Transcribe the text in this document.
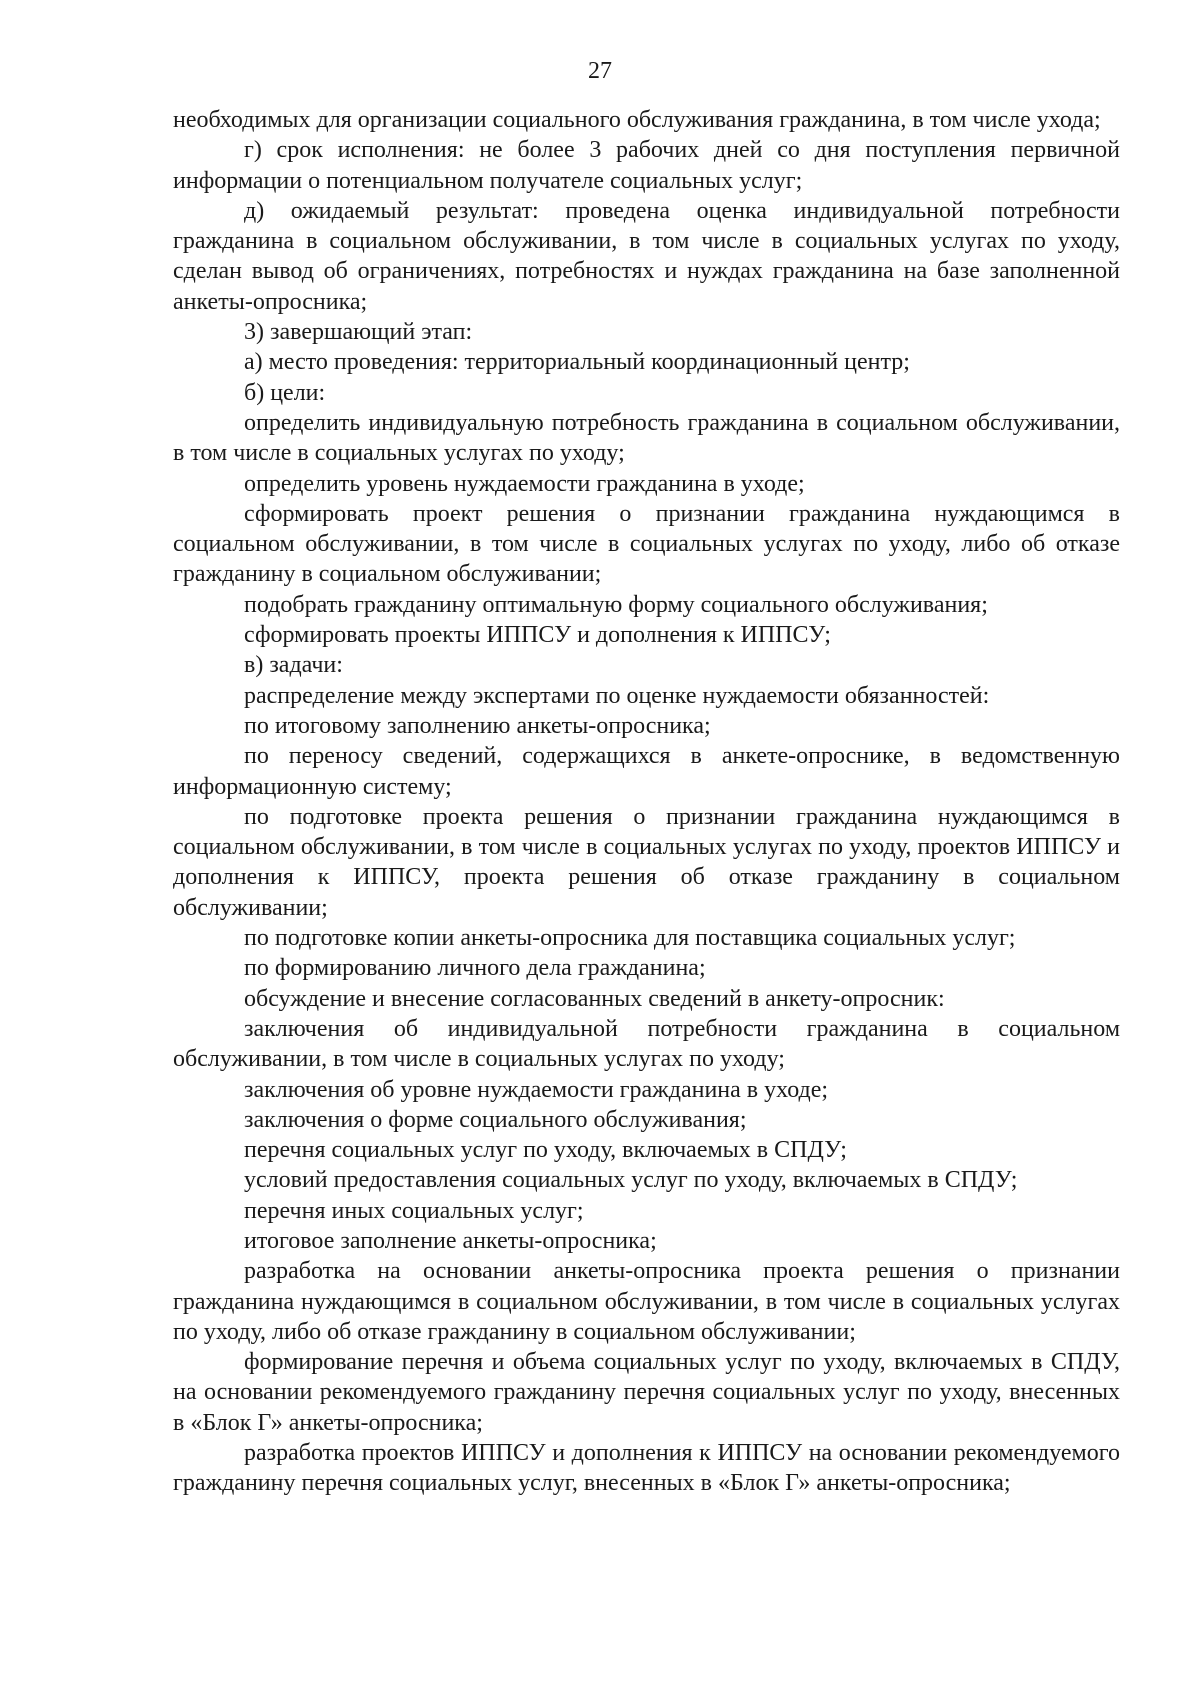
27

необходимых для организации социального обслуживания гражданина, в том числе ухода;

г) срок исполнения: не более 3 рабочих дней со дня поступления первичной информации о потенциальном получателе социальных услуг;

д) ожидаемый результат: проведена оценка индивидуальной потребности гражданина в социальном обслуживании, в том числе в социальных услугах по уходу, сделан вывод об ограничениях, потребностях и нуждах гражданина на базе заполненной анкеты-опросника;

3) завершающий этап:

а) место проведения: территориальный координационный центр;

б) цели:

определить индивидуальную потребность гражданина в социальном обслуживании, в том числе в социальных услугах по уходу;

определить уровень нуждаемости гражданина в уходе;

сформировать проект решения о признании гражданина нуждающимся в социальном обслуживании, в том числе в социальных услугах по уходу, либо об отказе гражданину в социальном обслуживании;

подобрать гражданину оптимальную форму социального обслуживания;

сформировать проекты ИППСУ и дополнения к ИППСУ;

в) задачи:

распределение между экспертами по оценке нуждаемости обязанностей:

по итоговому заполнению анкеты-опросника;

по переносу сведений, содержащихся в анкете-опроснике, в ведомственную информационную систему;

по подготовке проекта решения о признании гражданина нуждающимся в социальном обслуживании, в том числе в социальных услугах по уходу, проектов ИППСУ и дополнения к ИППСУ, проекта решения об отказе гражданину в социальном обслуживании;

по подготовке копии анкеты-опросника для поставщика социальных услуг;

по формированию личного дела гражданина;

обсуждение и внесение согласованных сведений в анкету-опросник:

заключения об индивидуальной потребности гражданина в социальном обслуживании, в том числе в социальных услугах по уходу;

заключения об уровне нуждаемости гражданина в уходе;

заключения о форме социального обслуживания;

перечня социальных услуг по уходу, включаемых в СПДУ;

условий предоставления социальных услуг по уходу, включаемых в СПДУ;

перечня иных социальных услуг;

итоговое заполнение анкеты-опросника;

разработка на основании анкеты-опросника проекта решения о признании гражданина нуждающимся в социальном обслуживании, в том числе в социальных услугах по уходу, либо об отказе гражданину в социальном обслуживании;

формирование перечня и объема социальных услуг по уходу, включаемых в СПДУ, на основании рекомендуемого гражданину перечня социальных услуг по уходу, внесенных в «Блок Г» анкеты-опросника;

разработка проектов ИППСУ и дополнения к ИППСУ на основании рекомендуемого гражданину перечня социальных услуг, внесенных в «Блок Г» анкеты-опросника;
